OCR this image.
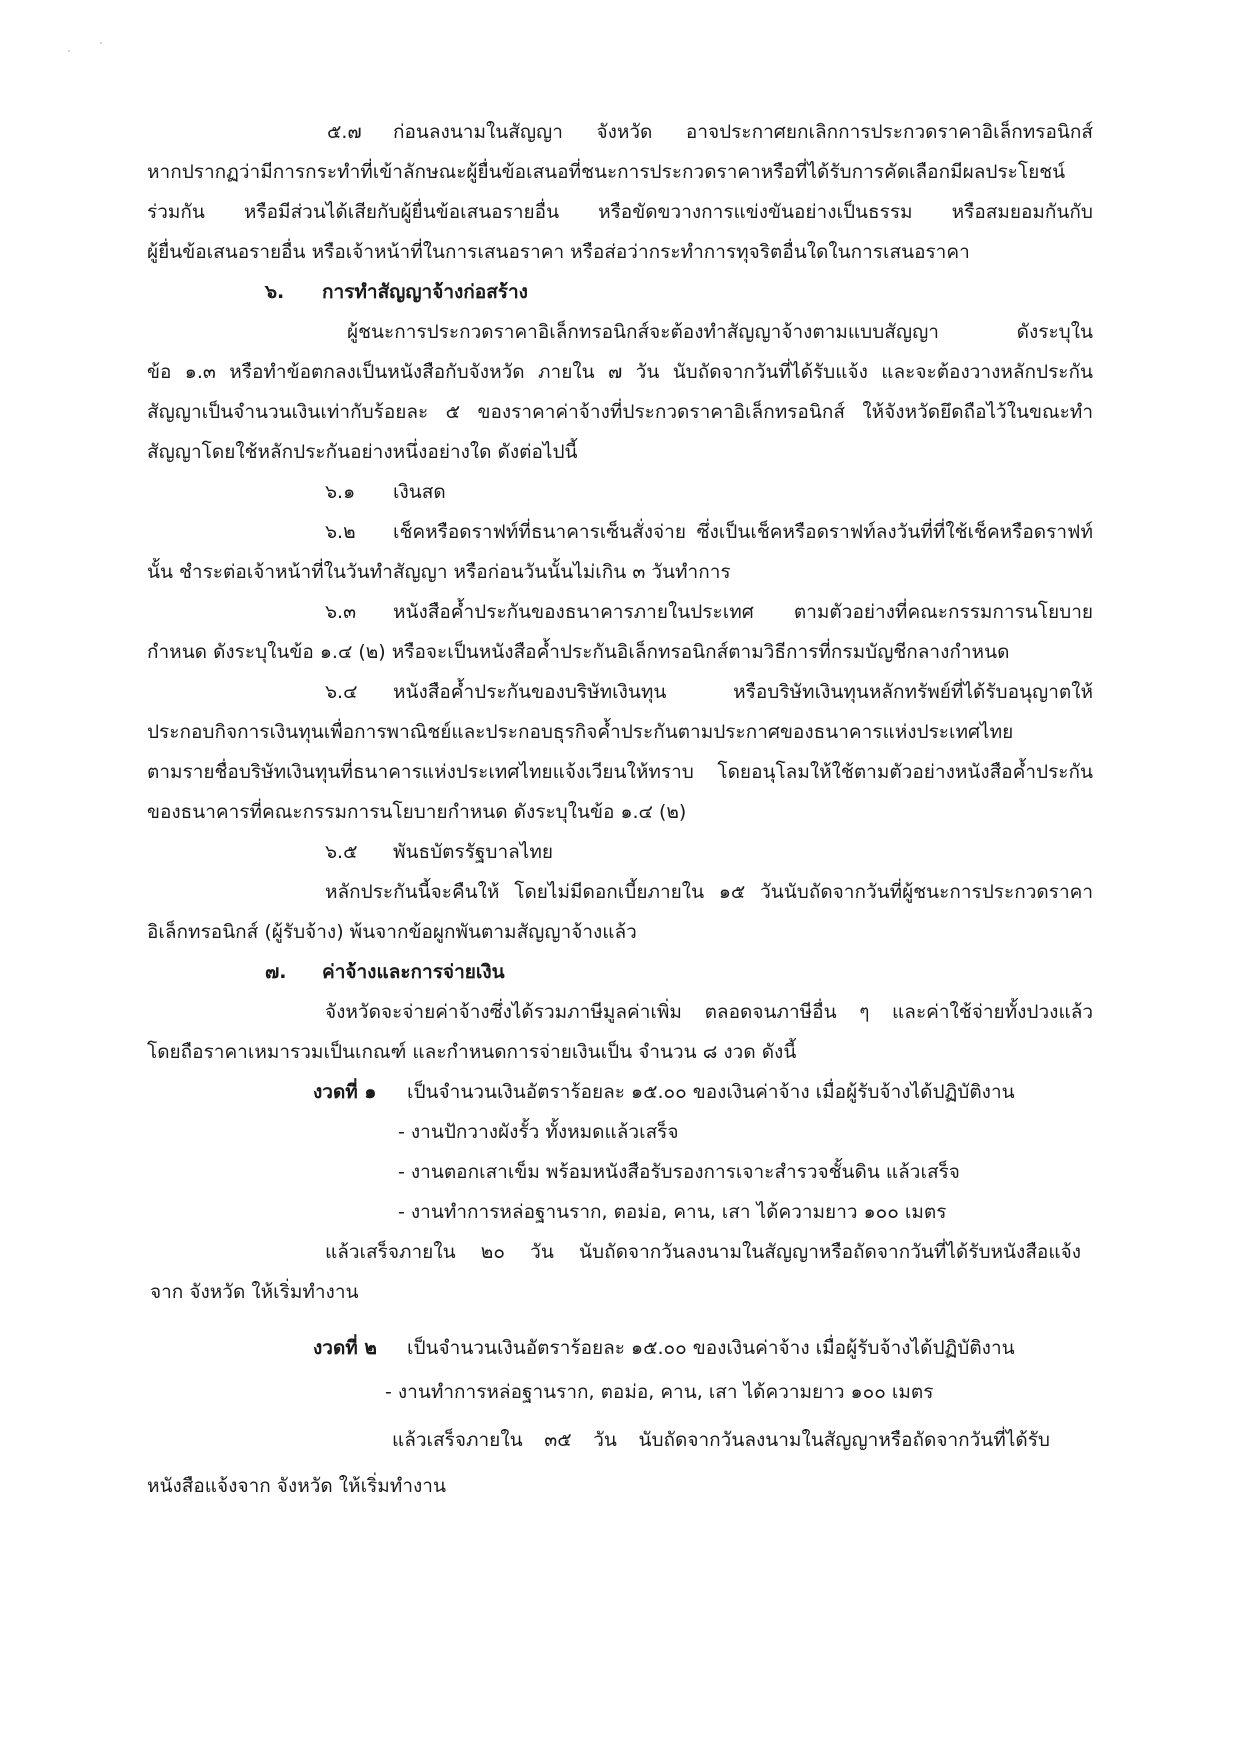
๕.๗ ก่อนลงนามในสัญญา จังหวัด อาจประกาศยกเลิกการประกวดราคาอิเล็กทรอนิกส์
หากปรากฏว่ามีการกระทำที่เข้าลักษณะผู้ยื่นข้อเสนอที่ชนะการประกวดราคาหรือที่ได้รับการคัดเลือกมีผลประโยชน์
ร่วมกัน หรือมีส่วนได้เสียกับผู้ยื่นข้อเสนอรายอื่น หรือขัดขวางการแข่งขันอย่างเป็นธรรม หรือสมยอมกันกับ
ผู้ยื่นข้อเสนอรายอื่น หรือเจ้าหน้าที่ในการเสนอราคา หรือส่อว่ากระทำการทุจริตอื่นใดในการเสนอราคา
๖. การทำสัญญาจ้างก่อสร้าง
ผู้ชนะการประกวดราคาอิเล็กทรอนิกส์จะต้องทำสัญญาจ้างตามแบบสัญญา ดังระบุใน
ข้อ ๑.๓ หรือทำข้อตกลงเป็นหนังสือกับจังหวัด ภายใน ๗ วัน นับถัดจากวันที่ได้รับแจ้ง และจะต้องวางหลักประกัน
สัญญาเป็นจำนวนเงินเท่ากับร้อยละ ๕ ของราคาค่าจ้างที่ประกวดราคาอิเล็กทรอนิกส์ ให้จังหวัดยึดถือไว้ในขณะทำ
สัญญาโดยใช้หลักประกันอย่างหนึ่งอย่างใด ดังต่อไปนี้
๖.๑ เงินสด
๖.๒ เช็คหรือดราฟท์ที่ธนาคารเซ็นสั่งจ่าย ซึ่งเป็นเช็คหรือดราฟท์ลงวันที่ที่ใช้เช็คหรือดราฟท์
นั้น ชำระต่อเจ้าหน้าที่ในวันทำสัญญา หรือก่อนวันนั้นไม่เกิน ๓ วันทำการ
๖.๓ หนังสือค้ำประกันของธนาคารภายในประเทศ ตามตัวอย่างที่คณะกรรมการนโยบาย
กำหนด ดังระบุในข้อ ๑.๔ (๒) หรือจะเป็นหนังสือค้ำประกันอิเล็กทรอนิกส์ตามวิธีการที่กรมบัญชีกลางกำหนด
๖.๔ หนังสือค้ำประกันของบริษัทเงินทุน หรือบริษัทเงินทุนหลักทรัพย์ที่ได้รับอนุญาตให้
ประกอบกิจการเงินทุนเพื่อการพาณิชย์และประกอบธุรกิจค้ำประกันตามประกาศของธนาคารแห่งประเทศไทย
ตามรายชื่อบริษัทเงินทุนที่ธนาคารแห่งประเทศไทยแจ้งเวียนให้ทราบ โดยอนุโลมให้ใช้ตามตัวอย่างหนังสือค้ำประกัน
ของธนาคารที่คณะกรรมการนโยบายกำหนด ดังระบุในข้อ ๑.๔ (๒)
๖.๕ พันธบัตรรัฐบาลไทย
หลักประกันนี้จะคืนให้ โดยไม่มีดอกเบี้ยภายใน ๑๕ วันนับถัดจากวันที่ผู้ชนะการประกวดราคา
อิเล็กทรอนิกส์ (ผู้รับจ้าง) พ้นจากข้อผูกพันตามสัญญาจ้างแล้ว
๗. ค่าจ้างและการจ่ายเงิน
จังหวัดจะจ่ายค่าจ้างซึ่งได้รวมภาษีมูลค่าเพิ่ม ตลอดจนภาษีอื่น ๆ และค่าใช้จ่ายทั้งปวงแล้ว
โดยถือราคาเหมารวมเป็นเกณฑ์ และกำหนดการจ่ายเงินเป็น จำนวน ๘ งวด ดังนี้
งวดที่ ๑ เป็นจำนวนเงินอัตราร้อยละ ๑๕.๐๐ ของเงินค่าจ้าง เมื่อผู้รับจ้างได้ปฏิบัติงาน
- งานปักวางผังรั้ว ทั้งหมดแล้วเสร็จ
- งานตอกเสาเข็ม พร้อมหนังสือรับรองการเจาะสำรวจชั้นดิน แล้วเสร็จ
- งานทำการหล่อฐานราก, ตอม่อ, คาน, เสา ได้ความยาว ๑๐๐ เมตร
แล้วเสร็จภายใน ๒๐ วัน นับถัดจากวันลงนามในสัญญาหรือถัดจากวันที่ได้รับหนังสือแจ้ง
จาก จังหวัด ให้เริ่มทำงาน
งวดที่ ๒ เป็นจำนวนเงินอัตราร้อยละ ๑๕.๐๐ ของเงินค่าจ้าง เมื่อผู้รับจ้างได้ปฏิบัติงาน
- งานทำการหล่อฐานราก, ตอม่อ, คาน, เสา ได้ความยาว ๑๐๐ เมตร
แล้วเสร็จภายใน ๓๕ วัน นับถัดจากวันลงนามในสัญญาหรือถัดจากวันที่ได้รับ
หนังสือแจ้งจาก จังหวัด ให้เริ่มทำงาน
